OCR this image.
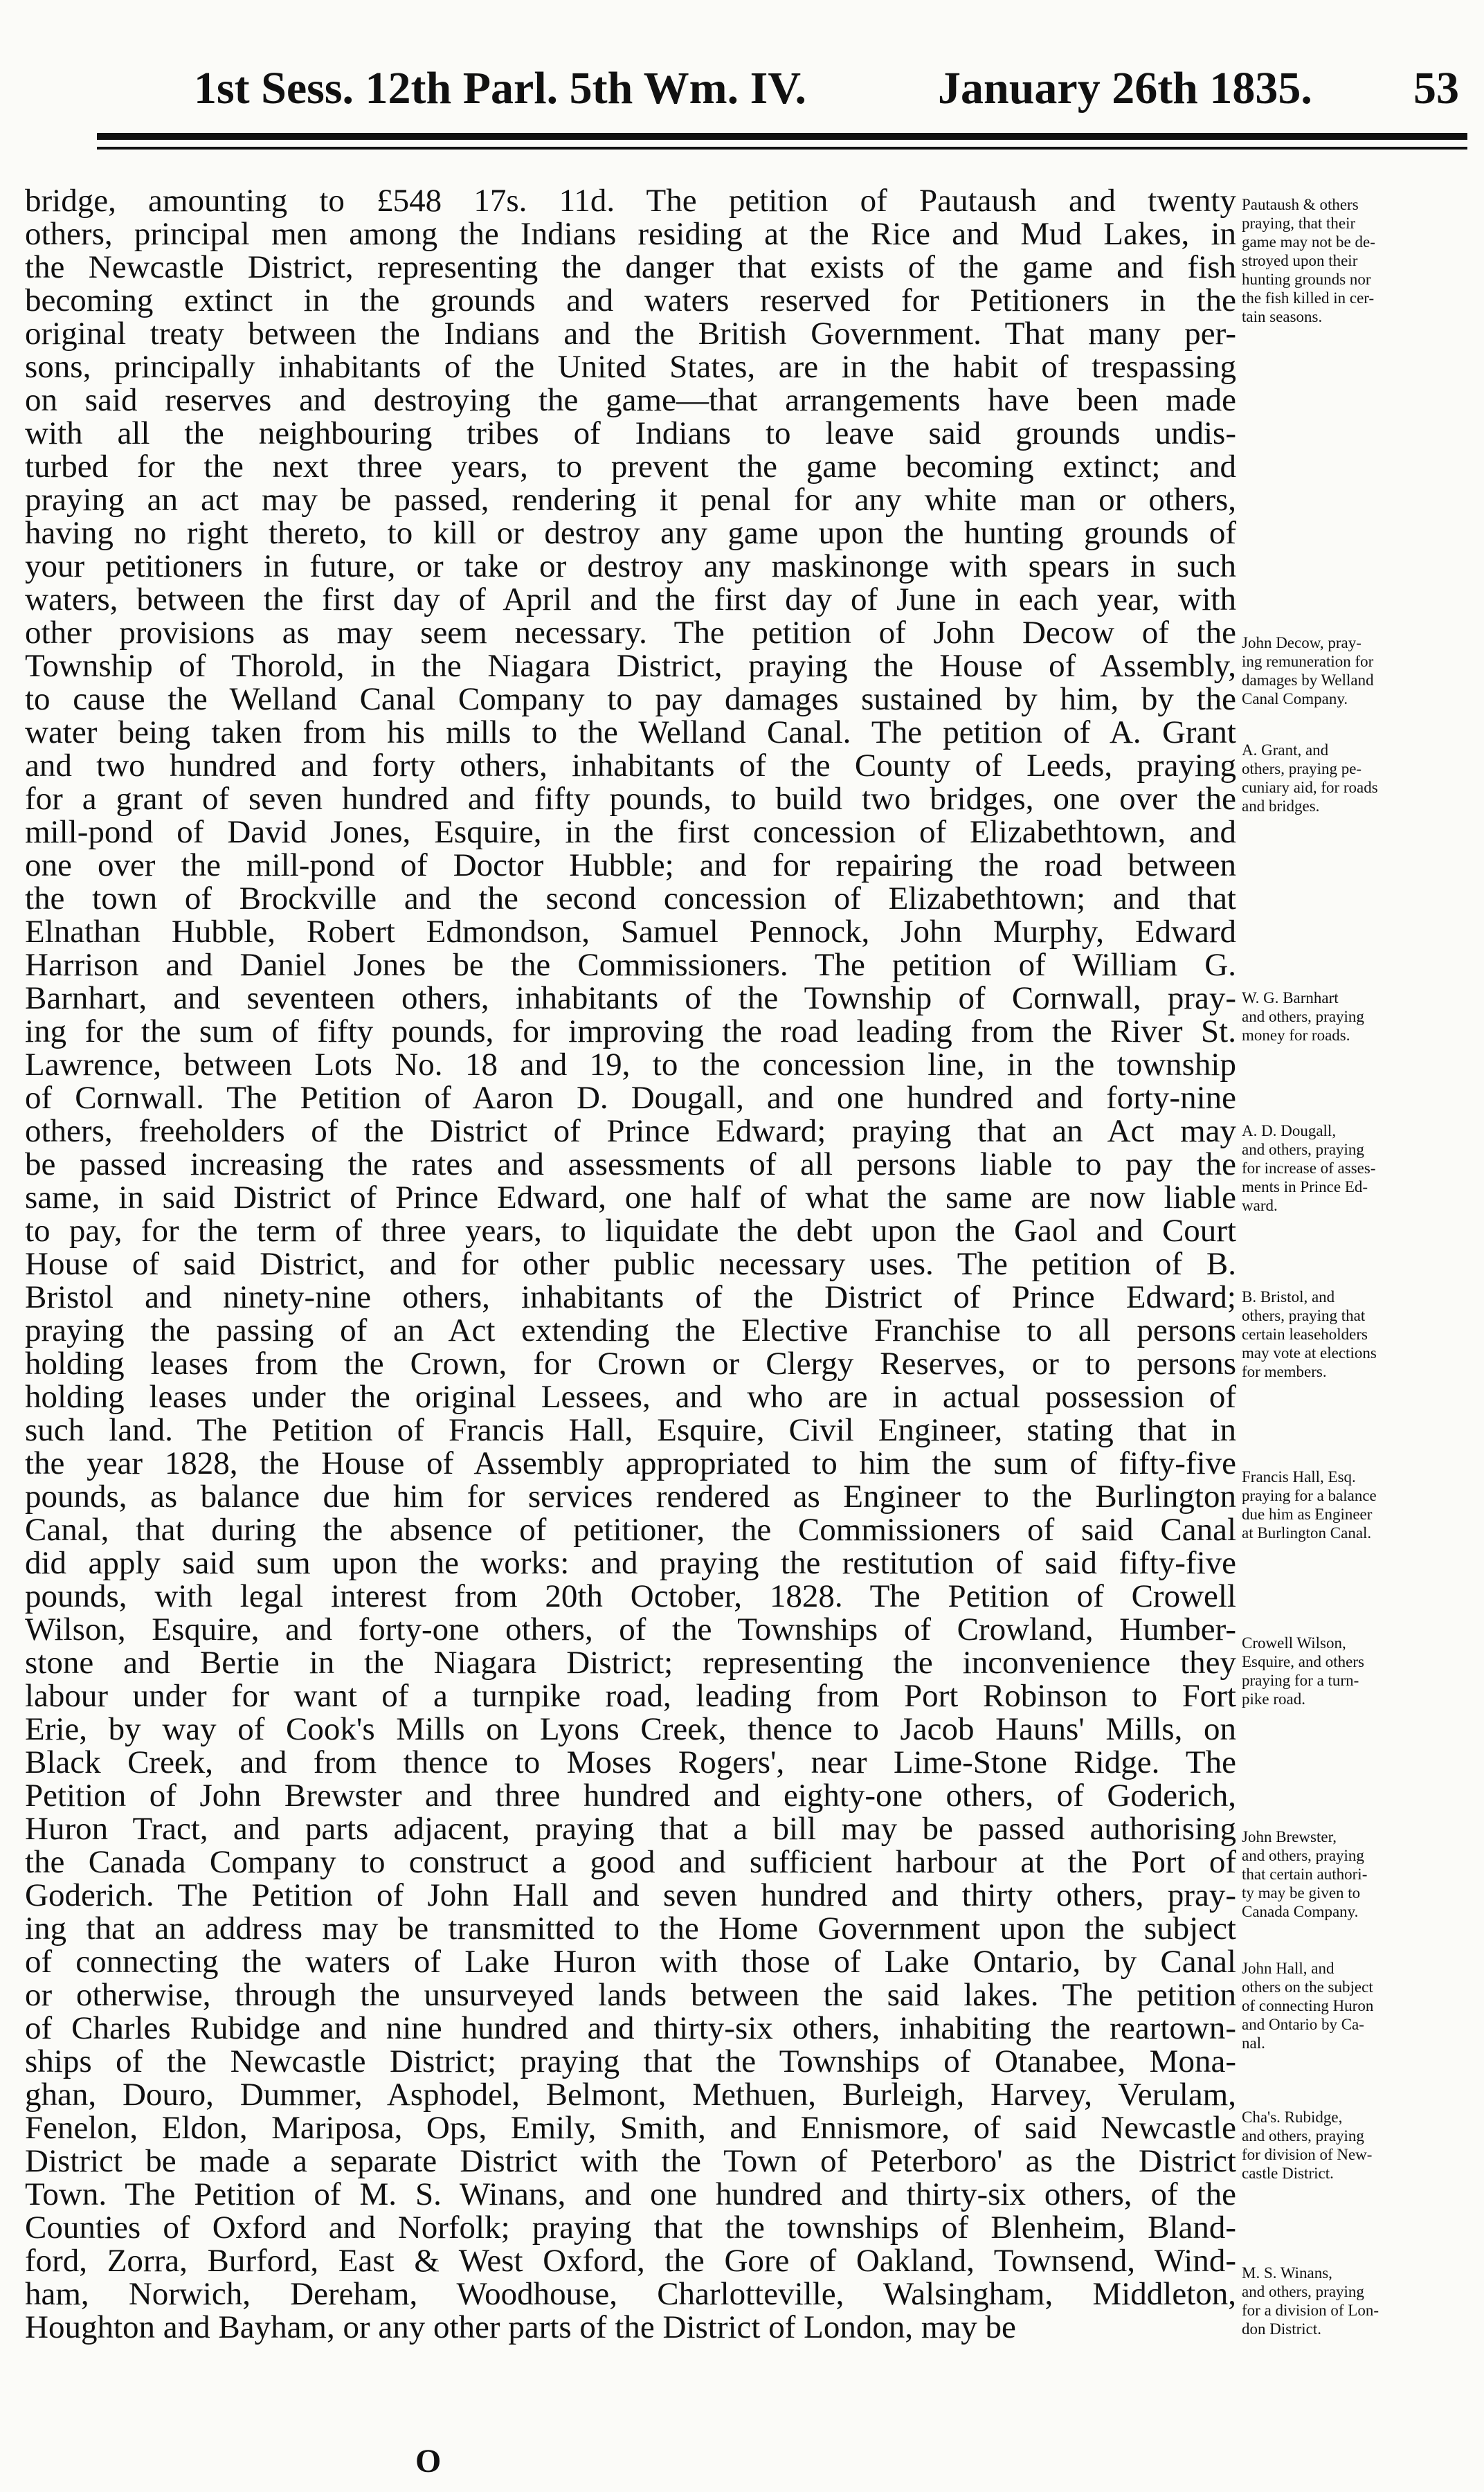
1st Sess. 12th Parl. 5th Wm. IV.	January 26th 1835. 53
bridge, amounting to £548 17s. 11d. The petition of Pautaush and twenty
others, principal men among the Indians residing at the Rice and Mud Lakes, in
the Newcastle District, representing the danger that exists of the game and fish
becoming extinct in the grounds and waters reserved for Petitioners in the
original treaty between the Indians and the British Government. That many per-
sons, principally inhabitants of the United States, are in the habit of trespassing
on said reserves and destroying the game—that arrangements have been made
with all the neighbouring tribes of Indians to leave said grounds undis-
turbed for the next three years, to prevent the game becoming extinct; and
praying an act may be passed, rendering it penal for any white man or others,
having no right thereto, to kill or destroy any game upon the hunting grounds of
your petitioners in future, or take or destroy any maskinonge with spears in such
waters, between the first day of April and the first day of June in each year, with
other provisions as may seem necessary. The petition of John Decow of the
Township of Thorold, in the Niagara District, praying the House of Assembly,
to cause the Welland Canal Company to pay damages sustained by him, by the
water being taken from his mills to the Welland Canal. The petition of A. Grant
and two hundred and forty others, inhabitants of the County of Leeds, praying
for a grant of seven hundred and fifty pounds, to build two bridges, one over the
mill-pond of David Jones, Esquire, in the first concession of Elizabethtown, and
one over the mill-pond of Doctor Hubble; and for repairing the road between
the town of Brockville and the second concession of Elizabethtown; and that
Elnathan Hubble, Robert Edmondson, Samuel Pennock, John Murphy, Edward
Harrison and Daniel Jones be the Commissioners. The petition of William G.
Barnhart, and seventeen others, inhabitants of the Township of Cornwall, pray-
ing for the sum of fifty pounds, for improving the road leading from the River St.
Lawrence, between Lots No. 18 and 19, to the concession line, in the township
of Cornwall. The Petition of Aaron D. Dougall, and one hundred and forty-nine
others, freeholders of the District of Prince Edward; praying that an Act may
be passed increasing the rates and assessments of all persons liable to pay the
same, in said District of Prince Edward, one half of what the same are now liable
to pay, for the term of three years, to liquidate the debt upon the Gaol and Court
House of said District, and for other public necessary uses. The petition of B.
Bristol and ninety-nine others, inhabitants of the District of Prince Edward;
praying the passing of an Act extending the Elective Franchise to all persons
holding leases from the Crown, for Crown or Clergy Reserves, or to persons
holding leases under the original Lessees, and who are in actual possession of
such land. The Petition of Francis Hall, Esquire, Civil Engineer, stating that in
the year 1828, the House of Assembly appropriated to him the sum of fifty-five
pounds, as balance due him for services rendered as Engineer to the Burlington
Canal, that during the absence of petitioner, the Commissioners of said Canal
did apply said sum upon the works: and praying the restitution of said fifty-five
pounds, with legal interest from 20th October, 1828. The Petition of Crowell
Wilson, Esquire, and forty-one others, of the Townships of Crowland, Humber-
stone and Bertie in the Niagara District; representing the inconvenience they
labour under for want of a turnpike road, leading from Port Robinson to Fort
Erie, by way of Cook's Mills on Lyons Creek, thence to Jacob Hauns' Mills, on
Black Creek, and from thence to Moses Rogers', near Lime-Stone Ridge. The
Petition of John Brewster and three hundred and eighty-one others, of Goderich,
Huron Tract, and parts adjacent, praying that a bill may be passed authorising
the Canada Company to construct a good and sufficient harbour at the Port of
Goderich. The Petition of John Hall and seven hundred and thirty others, pray-
ing that an address may be transmitted to the Home Government upon the subject
of connecting the waters of Lake Huron with those of Lake Ontario, by Canal
or otherwise, through the unsurveyed lands between the said lakes. The petition
of Charles Rubidge and nine hundred and thirty-six others, inhabiting the reartown-
ships of the Newcastle District; praying that the Townships of Otanabee, Mona-
ghan, Douro, Dummer, Asphodel, Belmont, Methuen, Burleigh, Harvey, Verulam,
Fenelon, Eldon, Mariposa, Ops, Emily, Smith, and Ennismore, of said Newcastle
District be made a separate District with the Town of Peterboro' as the District
Town. The Petition of M. S. Winans, and one hundred and thirty-six others, of the
Counties of Oxford and Norfolk; praying that the townships of Blenheim, Bland-
ford, Zorra, Burford, East & West Oxford, the Gore of Oakland, Townsend, Wind-
ham, Norwich, Dereham, Woodhouse, Charlotteville, Walsingham, Middleton,
Houghton and Bayham, or any other parts of the District of London, may be
Pautaush & others
praying, that their
game may not be de-
stroyed upon their
hunting grounds nor
the fish killed in cer-
tain seasons.
John Decow, pray-
ing remuneration for
damages by Welland
Canal Company.
A. Grant, and
others, praying pe-
cuniary aid, for roads
and bridges.
W. G. Barnhart
and others, praying
money for roads.
A. D. Dougall,
and others, praying
for increase of asses-
ments in Prince Ed-
ward.
B. Bristol, and
others, praying that
certain leaseholders
may vote at elections
for members.
Francis Hall, Esq.
praying for a balance
due him as Engineer
at Burlington Canal.
Crowell Wilson,
Esquire, and others
praying for a turn-
pike road.
John Brewster,
and others, praying
that certain authori-
ty may be given to
Canada Company.
John Hall, and
others on the subject
of connecting Huron
and Ontario by Ca-
nal.
Cha's. Rubidge,
and others, praying
for division of New-
castle District.
M. S. Winans,
and others, praying
for a division of Lon-
don District.
O
